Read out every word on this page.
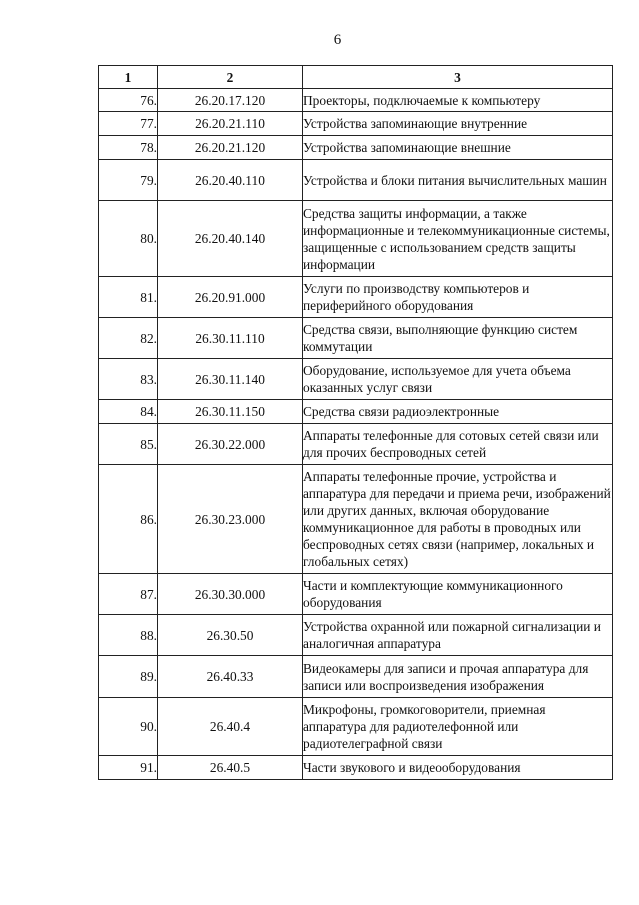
6
1	2	3
76.	26.20.17.120	Проекторы, подключаемые к компьютеру
77.	26.20.21.110	Устройства запоминающие внутренние
78.	26.20.21.120	Устройства запоминающие внешние
79.	26.20.40.110	Устройства и блоки питания вычислительных машин
80.	26.20.40.140	Средства защиты информации, а также информационные и телекоммуникационные системы, защищенные с использованием средств защиты информации
81.	26.20.91.000	Услуги по производству компьютеров и периферийного оборудования
82.	26.30.11.110	Средства связи, выполняющие функцию систем коммутации
83.	26.30.11.140	Оборудование, используемое для учета объема оказанных услуг связи
84.	26.30.11.150	Средства связи радиоэлектронные
85.	26.30.22.000	Аппараты телефонные для сотовых сетей связи или для прочих беспроводных сетей
86.	26.30.23.000	Аппараты телефонные прочие, устройства и аппаратура для передачи и приема речи, изображений или других данных, включая оборудование коммуникационное для работы в проводных или беспроводных сетях связи (например, локальных и глобальных сетях)
87.	26.30.30.000	Части и комплектующие коммуникационного оборудования
88.	26.30.50	Устройства охранной или пожарной сигнализации и аналогичная аппаратура
89.	26.40.33	Видеокамеры для записи и прочая аппаратура для записи или воспроизведения изображения
90.	26.40.4	Микрофоны, громкоговорители, приемная аппаратура для радиотелефонной или радиотелеграфной связи
91.	26.40.5	Части звукового и видеооборудования
